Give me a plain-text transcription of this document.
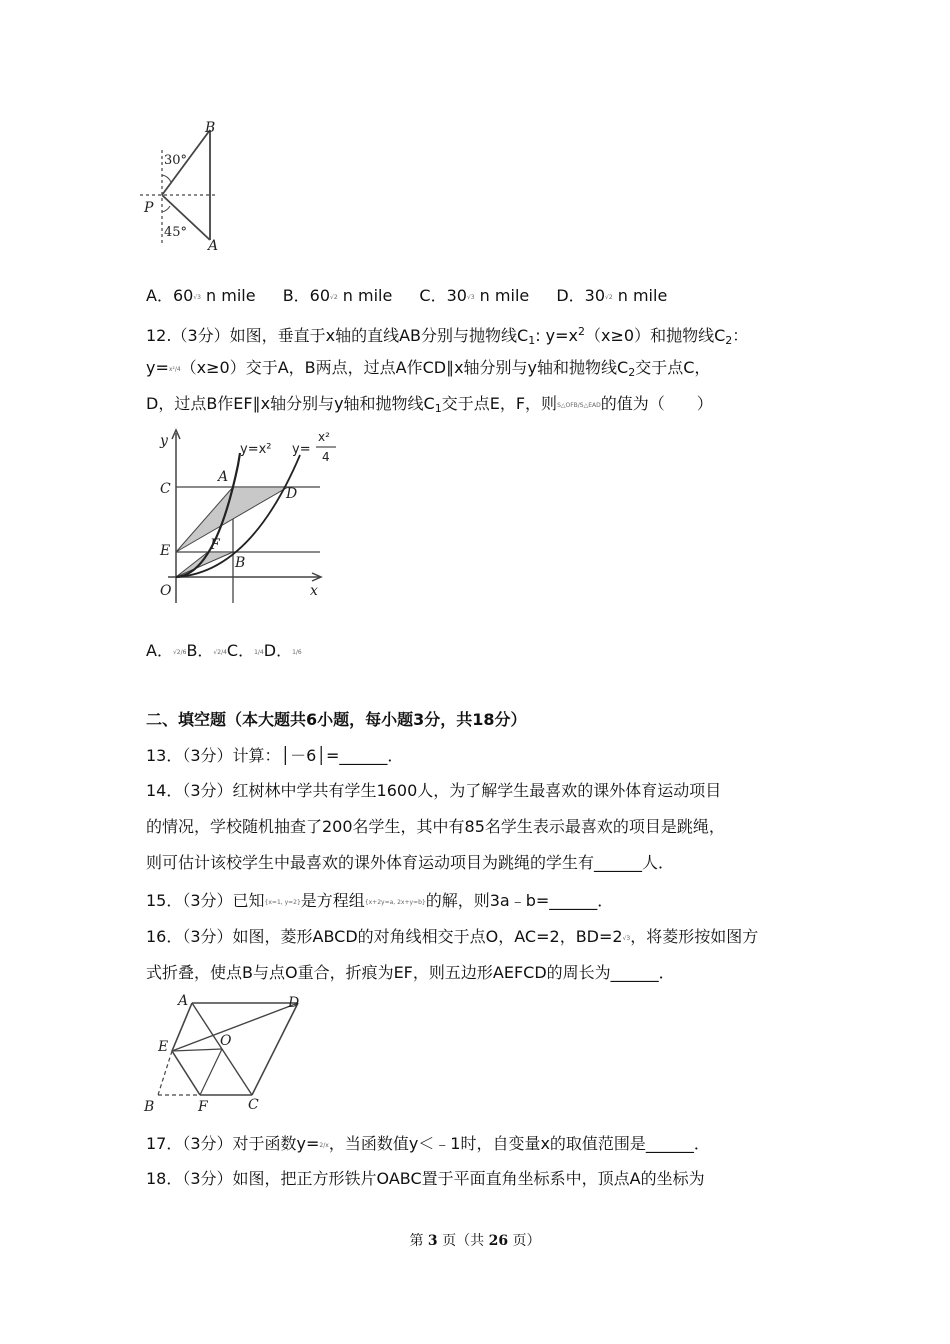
B
P
A
30°
45°
A．60√3 n mile B．60√2 n mile C．30√3 n mile D．30√2 n mile
12.（3分）如图，垂直于x轴的直线AB分别与抛物线$C_1$: $y=x^2(x\ge 0)$和抛物线$C_2$：
y=x²/4（x≥0）交于A，B两点，过点A作CD∥x轴分别与y轴和抛物线$C_2$交于点C，
D，过点B作EF∥x轴分别与y轴和抛物线$C_1$交于点E，F，则S△OFB/S△EAD的值为（　　）
y
C
A
D
E	F
B
O	x
y=x² y=
x²
4
A．√2/6B．√2/4C．1/4D．1/6
二、填空题（本大题共6小题，每小题3分，共18分）
13．（3分）计算：│－6│=______．
14．（3分）红树林中学共有学生1600人，为了解学生最喜欢的课外体育运动项目
的情况，学校随机抽查了200名学生，其中有85名学生表示最喜欢的项目是跳绳，
则可估计该校学生中最喜欢的课外体育运动项目为跳绳的学生有______人．
15．（3分）已知{x=1, y=2}是方程组{x+2y=a, 2x+y=b}的解，则3a﹣b=______．
16．（3分）如图，菱形ABCD的对角线相交于点O，AC=2，BD=2√3，将菱形按如图方
式折叠，使点B与点O重合，折痕为EF，则五边形AEFCD的周长为______．
A	D
E	O
B	F	C
17．（3分）对于函数y=2/x，当函数值y＜﹣1时，自变量x的取值范围是______．
18．（3分）如图，把正方形铁片OABC置于平面直角坐标系中，顶点A的坐标为
第 3 页（共 26 页）
